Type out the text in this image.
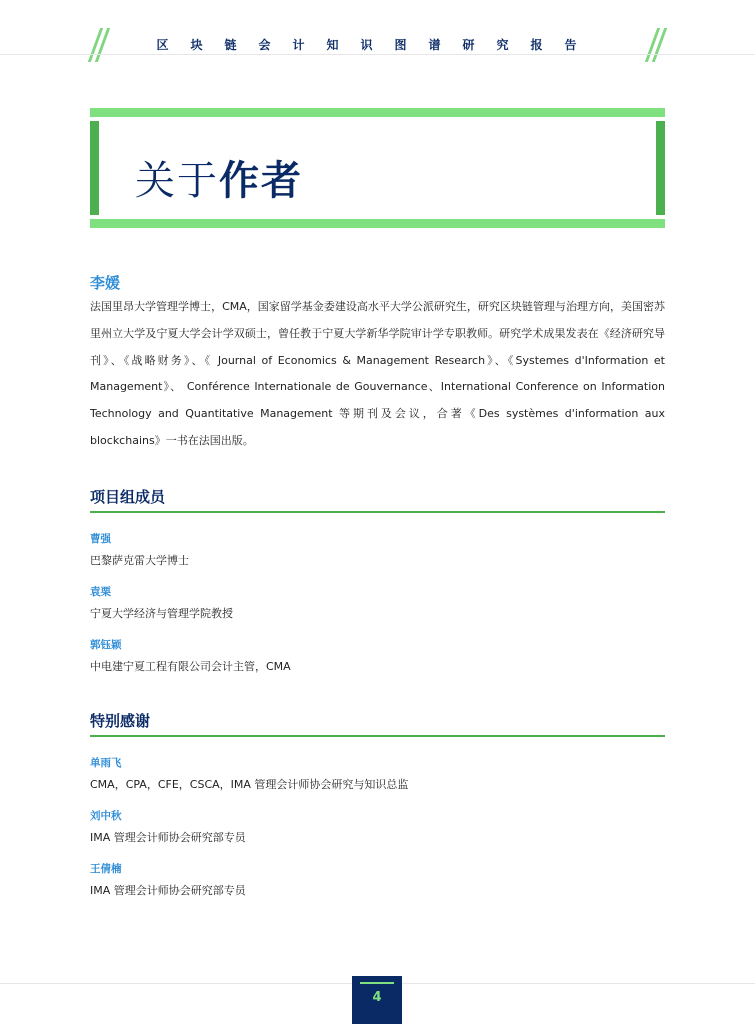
区块链会计知识图谱研究报告
关于作者
李媛
法国里昂大学管理学博士，CMA，国家留学基金委建设高水平大学公派研究生，研究区块链管理与治理方向，美国密苏里州立大学及宁夏大学会计学双硕士，曾任教于宁夏大学新华学院审计学专职教师。研究学术成果发表在《经济研究导刊》、《战略财务》、《 Journal of Economics & Management Research》、《Systemes d'Information et Management》、 Conférence Internationale de Gouvernance、International Conference on Information Technology and Quantitative Management 等期刊及会议，合著《Des systèmes d'information aux blockchains》一书在法国出版。
项目组成员
曹强
巴黎萨克雷大学博士
袁栗
宁夏大学经济与管理学院教授
郭钰颖
中电建宁夏工程有限公司会计主管，CMA
特别感谢
单雨飞
CMA，CPA，CFE，CSCA，IMA 管理会计师协会研究与知识总监
刘中秋
IMA 管理会计师协会研究部专员
王倩楠
IMA 管理会计师协会研究部专员
4
